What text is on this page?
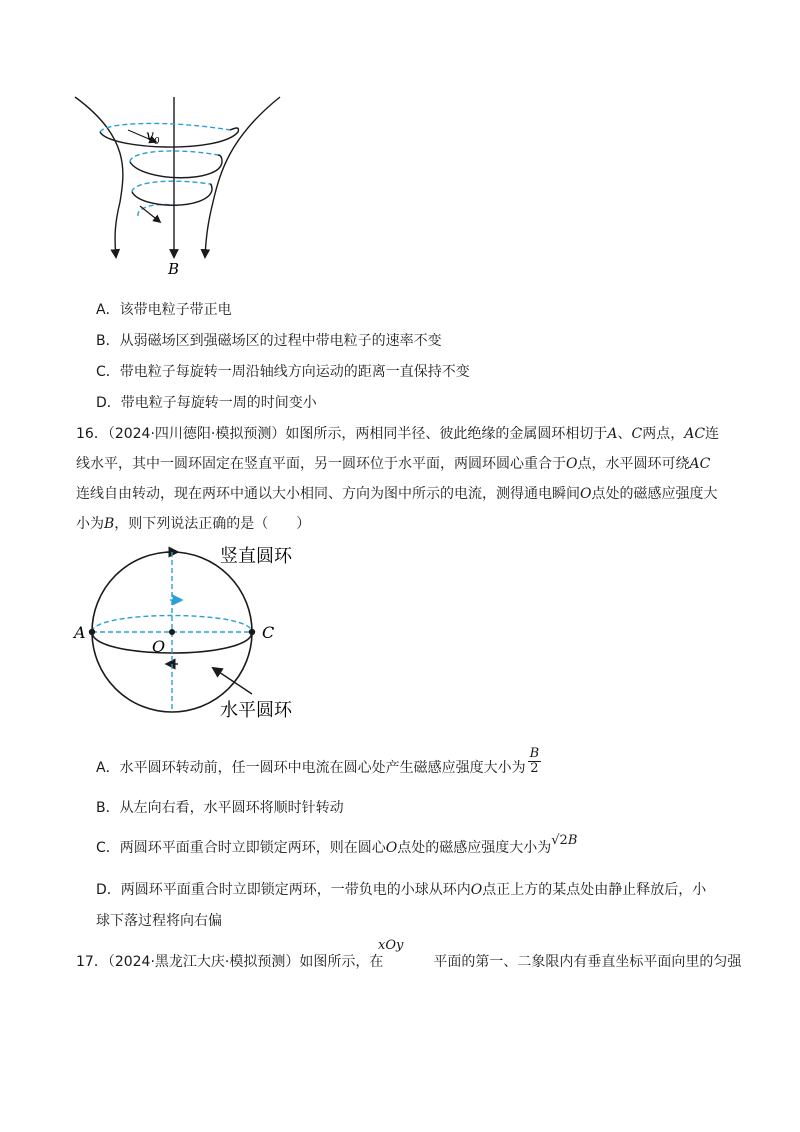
$v_0$
B
A．该带电粒子带正电
B．从弱磁场区到强磁场区的过程中带电粒子的速率不变
C．带电粒子每旋转一周沿轴线方向运动的距离一直保持不变
D．带电粒子每旋转一周的时间变小
16．（2024·四川德阳·模拟预测）如图所示，两相同半径、彼此绝缘的金属圆环相切于A、C两点，AC连
线水平，其中一圆环固定在竖直平面，另一圆环位于水平面，两圆环圆心重合于O点，水平圆环可绕AC
连线自由转动，现在两环中通以大小相同、方向为图中所示的电流，测得通电瞬间O点处的磁感应强度大
小为B，则下列说法正确的是（　　）
A	C
O
竖直圆环
水平圆环
A．水平圆环转动前，任一圆环中电流在圆心处产生磁感应强度大小为 $\frac{B}{2}$
B．从左向右看，水平圆环将顺时针转动
C．两圆环平面重合时立即锁定两环，则在圆心O点处的磁感应强度大小为√2B
D．两圆环平面重合时立即锁定两环，一带负电的小球从环内O点正上方的某点处由静止释放后，小
球下落过程将向右偏
xOy
17．（2024·黑龙江大庆·模拟预测）如图所示，在	平面的第一、二象限内有垂直坐标平面向里的匀强
